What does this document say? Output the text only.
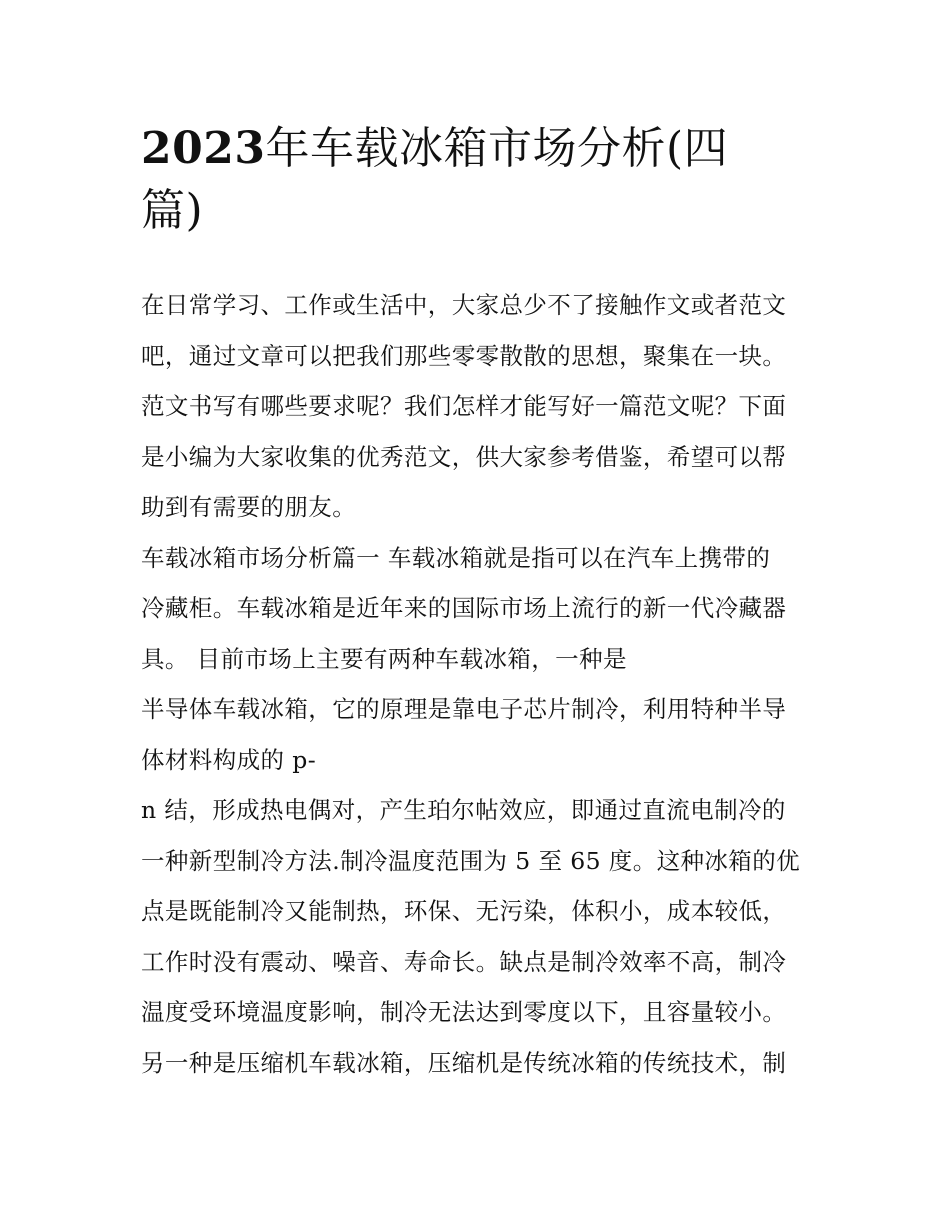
2023年车载冰箱市场分析(四
篇)
在日常学习、工作或生活中，大家总少不了接触作文或者范文
吧，通过文章可以把我们那些零零散散的思想，聚集在一块。
范文书写有哪些要求呢？我们怎样才能写好一篇范文呢？下面
是小编为大家收集的优秀范文，供大家参考借鉴，希望可以帮
助到有需要的朋友。
车载冰箱市场分析篇一 车载冰箱就是指可以在汽车上携带的
冷藏柜。车载冰箱是近年来的国际市场上流行的新一代冷藏器
具。 目前市场上主要有两种车载冰箱，一种是
半导体车载冰箱，它的原理是靠电子芯片制冷，利用特种半导
体材料构成的 p-
n 结，形成热电偶对，产生珀尔帖效应，即通过直流电制冷的
一种新型制冷方法.制冷温度范围为 5 至 65 度。这种冰箱的优
点是既能制冷又能制热，环保、无污染，体积小，成本较低，
工作时没有震动、噪音、寿命长。缺点是制冷效率不高，制冷
温度受环境温度影响，制冷无法达到零度以下，且容量较小。
另一种是压缩机车载冰箱，压缩机是传统冰箱的传统技术，制
